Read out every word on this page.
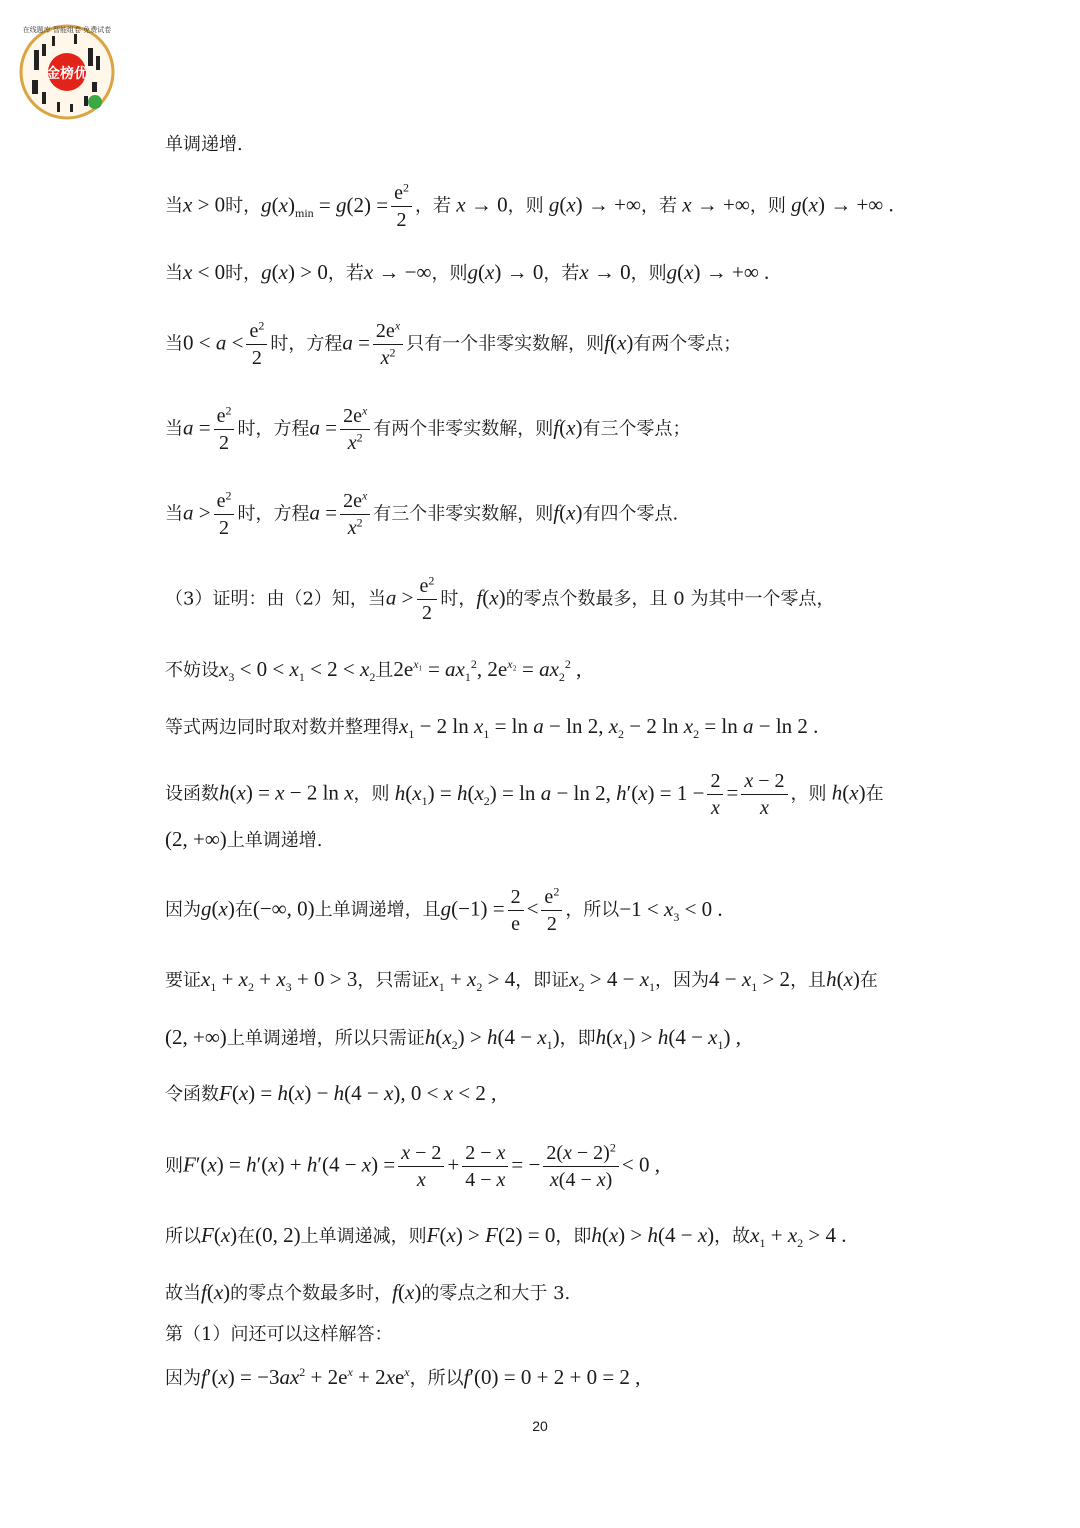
金榜优
在线题库 智能组卷 免费试卷
单调递增.
当x > 0时，$g(x)_{min} = g(2) = \frac{e^2}{2}$ ，若 x → 0，则 g(x) → +∞，若 x → +∞，则 g(x) → +∞ .
当x < 0时，g(x) > 0，若x → −∞，则g(x) → 0，若x → 0，则g(x) → +∞ .
当$0 < a < \frac{e^2}{2}$ 时，方程$a = \frac{2e^x}{x^2}$ 只有一个非零实数解，则f(x)有两个零点；
当$a = \frac{e^2}{2}$ 时，方程$a = \frac{2e^x}{x^2}$ 有两个非零实数解，则f(x)有三个零点；
当$a > \frac{e^2}{2}$ 时，方程$a = \frac{2e^x}{x^2}$ 有三个非零实数解，则f(x)有四个零点.
（3）证明：由（2）知，当$a > \frac{e^2}{2}$ 时，f(x)的零点个数最多，且 0 为其中一个零点，
不妨设$x_3 < 0 < x_1 < 2 < x_2$且$2e^{x_1} = ax_1^2$, $2e^{x_2} = ax_2^2$ ,
等式两边同时取对数并整理得$x_1 - 2$ $\ln x_1 = \ln a - \ln 2$, $x_2 - 2$ $\ln x_2 = \ln a - \ln 2$ .
设函数h(x) = x − 2 ln x，则 $h(x_1) = h(x_2) = \ln a - \ln 2$, $h'(x) = 1 - \frac{2}{x} = \frac{x - 2}{x}$ ，则 h(x)在
(2, +∞)上单调递增.
因为g(x)在(−∞, 0)上单调递增，且$g(-1) = \frac{2}{e} < \frac{e^2}{2}$ ，所以$-1 < x_3 < 0$ .
要证$x_1 + x_2 + x_3 + 0 > 3$，只需证$x_1 + x_2 > 4$，即证$x_2 > 4 - x_1$，因为$4 - x_1 > 2$，且h(x)在
(2, +∞)上单调递增，所以只需证$h(x_2) > h(4 - x_1)$，即$h(x_1) > h(4 - x_1)$ ,
令函数F(x) = h(x) − h(4 − x), 0 < x < 2 ,
则$F'(x) = h'(x) + h'(4 - x) = \frac{x - 2}{x} + \frac{2 - x}{4 - x}$ = − $\frac{2(x - 2)^2}{x(4 - x)} < 0$ ,
所以F(x)在(0, 2)上单调递减，则F(x) > F(2) = 0，即h(x) > h(4 − x)，故$x_1 + x_2 > 4$ .
故当f(x)的零点个数最多时，f(x)的零点之和大于 3.
第（1）问还可以这样解答：
因为$f'(x) = -3ax^2 + 2e^x + 2xe^x$，所以f′(0) = 0 + 2 + 0 = 2 ,
20
